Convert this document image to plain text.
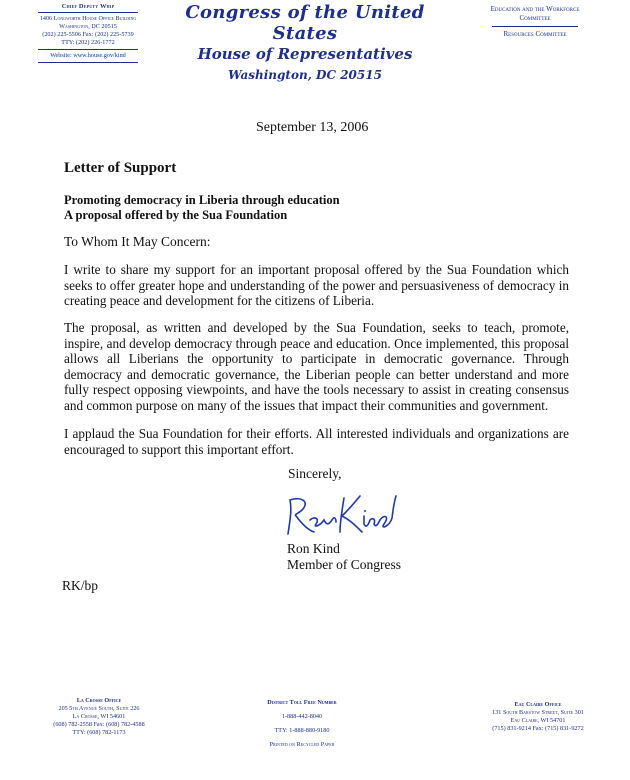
Chief Deputy Whip
1406 Longworth House Office Building
Washington, DC 20515
(202) 225-5506 Fax: (202) 225-5739
TTY: (202) 226-1772
Website: www.house.gov/kind
Congress of the United States
House of Representatives
Washington, DC 20515
Education and the Workforce
Committee
Resources Committee
September 13, 2006
Letter of Support
Promoting democracy in Liberia through education
A proposal offered by the Sua Foundation
To Whom It May Concern:
I write to share my support for an important proposal offered by the Sua Foundation which seeks to offer greater hope and understanding of the power and persuasiveness of democracy in creating peace and development for the citizens of Liberia.
The proposal, as written and developed by the Sua Foundation, seeks to teach, promote, inspire, and develop democracy through peace and education. Once implemented, this proposal allows all Liberians the opportunity to participate in democratic governance. Through democracy and democratic governance, the Liberian people can better understand and more fully respect opposing viewpoints, and have the tools necessary to assist in creating consensus and common purpose on many of the issues that impact their communities and government.
I applaud the Sua Foundation for their efforts. All interested individuals and organizations are encouraged to support this important effort.
Sincerely,
Ron Kind
Member of Congress
RK/bp
La Crosse Office
205 5th Avenue South, Suite 226
La Crosse, WI 54601
(608) 782-2558 Fax: (608) 782-4588
TTY: (608) 782-1173
District Toll Free Number
1-888-442-8040
TTY: 1-888-880-9180
Printed on Recycled Paper
Eau Claire Office
131 South Barstow Street, Suite 301
Eau Claire, WI 54701
(715) 831-9214 Fax: (715) 831-9272
